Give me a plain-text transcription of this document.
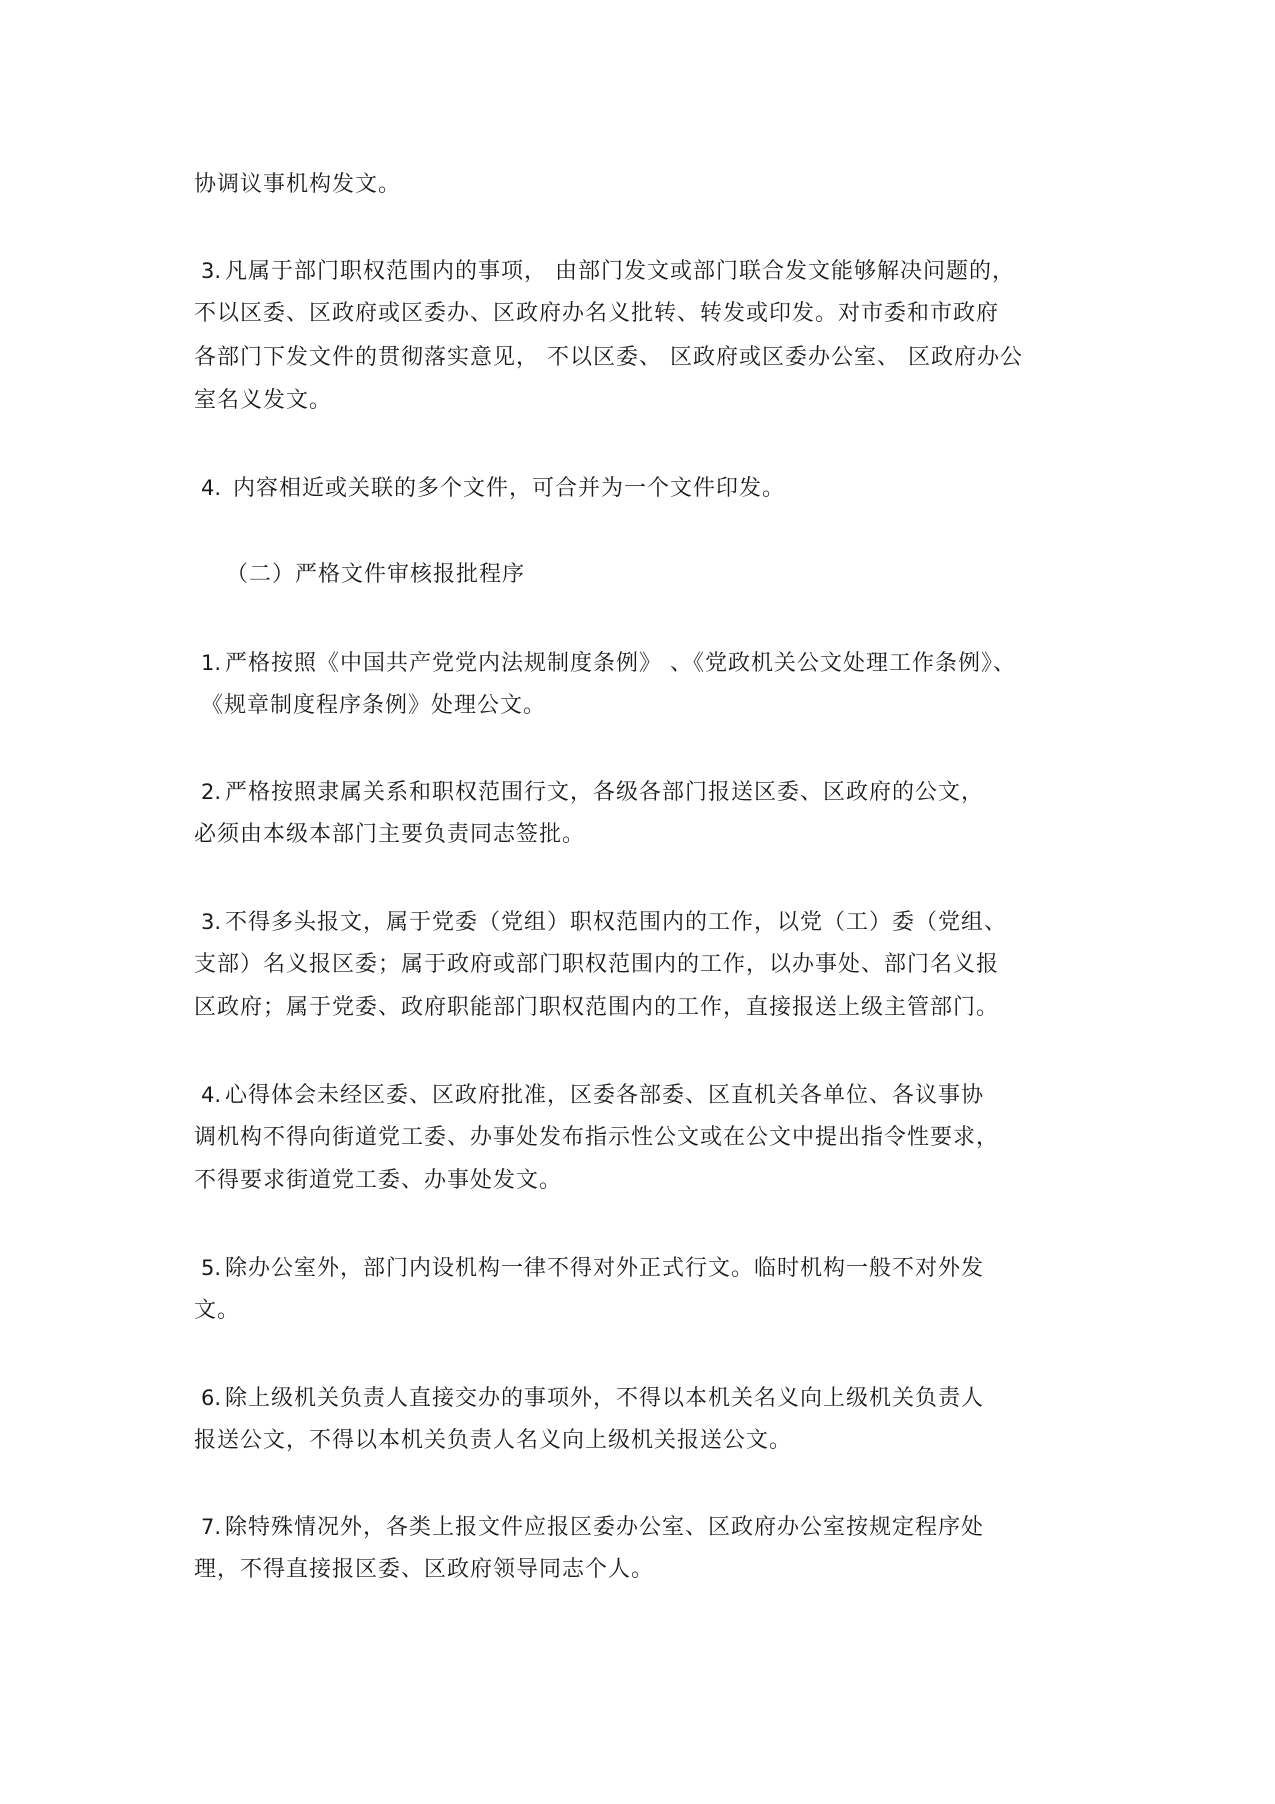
协调议事机构发文。
3. 凡属于部门职权范围内的事项， 由部门发文或部门联合发文能够解决问题的，
不以区委、区政府或区委办、区政府办名义批转、转发或印发。对市委和市政府
各部门下发文件的贯彻落实意见， 不以区委、 区政府或区委办公室、 区政府办公
室名义发文。
4. 内容相近或关联的多个文件，可合并为一个文件印发。
（二）严格文件审核报批程序
1. 严格按照《中国共产党党内法规制度条例》 、《党政机关公文处理工作条例》、
《规章制度程序条例》处理公文。
2. 严格按照隶属关系和职权范围行文，各级各部门报送区委、区政府的公文，
必须由本级本部门主要负责同志签批。
3. 不得多头报文，属于党委（党组）职权范围内的工作，以党（工）委（党组、
支部）名义报区委；属于政府或部门职权范围内的工作，以办事处、部门名义报
区政府；属于党委、政府职能部门职权范围内的工作，直接报送上级主管部门。
4. 心得体会未经区委、区政府批准，区委各部委、区直机关各单位、各议事协
调机构不得向街道党工委、办事处发布指示性公文或在公文中提出指令性要求，
不得要求街道党工委、办事处发文。
5. 除办公室外，部门内设机构一律不得对外正式行文。临时机构一般不对外发
文。
6. 除上级机关负责人直接交办的事项外，不得以本机关名义向上级机关负责人
报送公文，不得以本机关负责人名义向上级机关报送公文。
7. 除特殊情况外，各类上报文件应报区委办公室、区政府办公室按规定程序处
理，不得直接报区委、区政府领导同志个人。
